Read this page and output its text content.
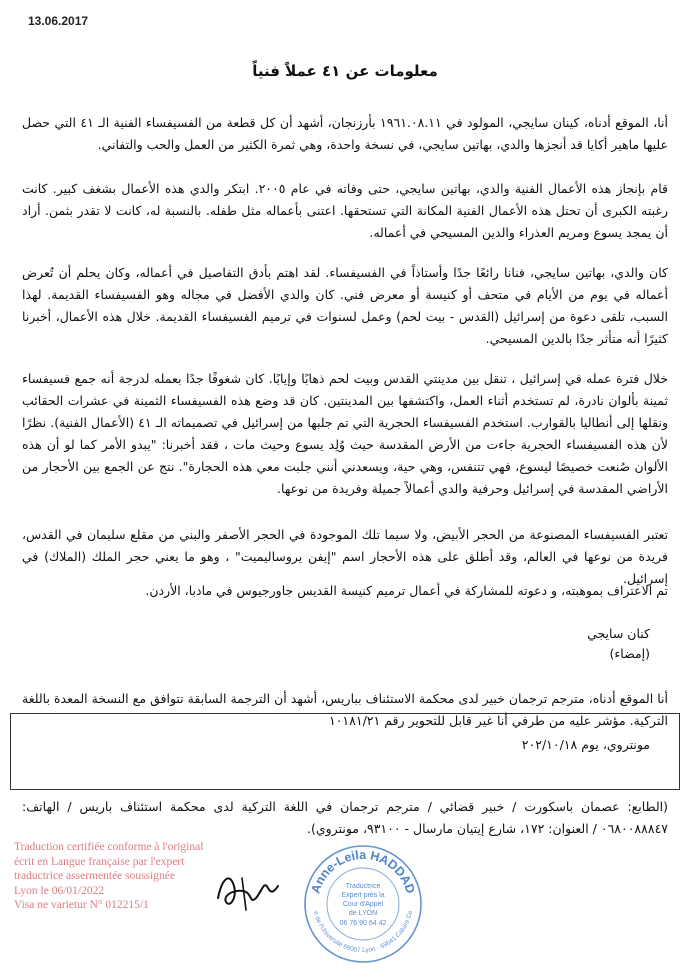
13.06.2017
معلومات عن ٤١ عملاً فنياً

أنا، الموقع أدناه، كينان سايجي، المولود في ١٩٦١.٠٨.١١ بأرزنجان، أشهد أن كل قطعة من الفسيفساء الفنية الـ ٤١ التي حصل عليها ماهير أكايا قد أنجزها والدي، بهاتين سايجي، في نسخة واحدة، وهي ثمرة الكثير من العمل والحب والتفاني.

قام بإنجاز هذه الأعمال الفنية والدي، بهاتين سايجي، حتى وفاته في عام ٢٠٠٥. ابتكر والدي هذه الأعمال بشغف كبير. كانت رغبته الكبرى أن تحتل هذه الأعمال الفنية المكانة التي تستحقها. اعتنى بأعماله مثل طفله. بالنسبة له، كانت لا تقدر بثمن. أراد أن يمجد يسوع ومريم العذراء والدين المسيحي في أعماله.

كان والدي، بهاتين سايجي، فنانا رائعًا جدًا وأستاذاً في الفسيفساء. لقد اهتم بأدق التفاصيل في أعماله، وكان يحلم أن تُعرض أعماله في يوم من الأيام في متحف أو كنيسة أو معرض فني. كان والدي الأفضل في مجاله وهو الفسيفساء القديمة. لهذا السبب، تلقى دعوة من إسرائيل (القدس - بيت لحم) وعمل لسنوات في ترميم الفسيفساء القديمة. خلال هذه الأعمال، أخبرنا كثيرًا أنه متأثر جدًا بالدين المسيحي.

خلال فترة عمله في إسرائيل ، تنقل بين مدينتي القدس وبيت لحم ذهابًا وإيابًا. كان شغوفًا جدًا بعمله لدرجة أنه جمع فسيفساء ثمينة بألوان نادرة، لم تستخدم أثناء العمل، واكتشفها بين المدينتين. كان قد وضع هذه الفسيفساء الثمينة في عشرات الحقائب ونقلها إلى أنطاليا بالقوارب. استخدم الفسيفساء الحجرية التي تم جلبها من إسرائيل في تصميماته الـ ٤١ (الأعمال الفنية). نظرًا لأن هذه الفسيفساء الحجرية جاءت من الأرض المقدسة حيث وُلِد يسوع وحيث مات ، فقد أخبرنا: "يبدو الأمر كما لو أن هذه الألوان صُنعت خصيصًا ليسوع، فهي تتنفس، وهي حية، ويسعدني أنني جلبت معي هذه الحجارة". نتج عن الجمع بين الأحجار من الأراضي المقدسة في إسرائيل وحرفية والدي أعمالاً جميلة وفريدة من نوعها.

تعتبر الفسيفساء المصنوعة من الحجر الأبيض، ولا سيما تلك الموجودة في الحجر الأصفر والبني من مقلع سليمان في القدس، فريدة من نوعها في العالم، وقد أطلق على هذه الأحجار اسم "إيفن يروساليميت" ، وهو ما يعني حجر الملك (الملاك) في إسرائيل.

تم الاعتراف بموهبته، و دعوته للمشاركة في أعمال ترميم كنيسة القديس جاورجيوس في مادبا، الأردن.

كنان سايجي
(إمضاء)

أنا الموقع أدناه، مترجم ترجمان خبير لدى محكمة الاستئناف بباريس، أشهد أن الترجمة السابقة تتوافق مع النسخة المعدة باللغة التركية. مؤشر عليه من طرفي أنا غير قابل للتحوير رقم ١٠١٨١/٢١

مونتروي، يوم ٢٠٢/١٠/١٨

(الطابع: عصمان باسكورت / خبير قضائي / مترجم ترجمان في اللغة التركية لدى محكمة استئناف باريس / الهاتف: ٠٦٨٠٠٨٨٨٤٧ / العنوان: ١٧٢، شارع إيتيان مارسال - ٩٣١٠٠، مونتروي).

Traduction certifiée conforme à l'original
écrit en Langue française par l'expert
traductrice assermentée soussignée
Lyon le 06/01/2022
Visa ne varietur N° 012215/1
Anne-Leila HADDAD
e de l'Université 69007 Lyon · 69641 Caluire Ce
Traductrice
Expert près la
Cour d'Appel
de LYON
06 76 90 64 42
